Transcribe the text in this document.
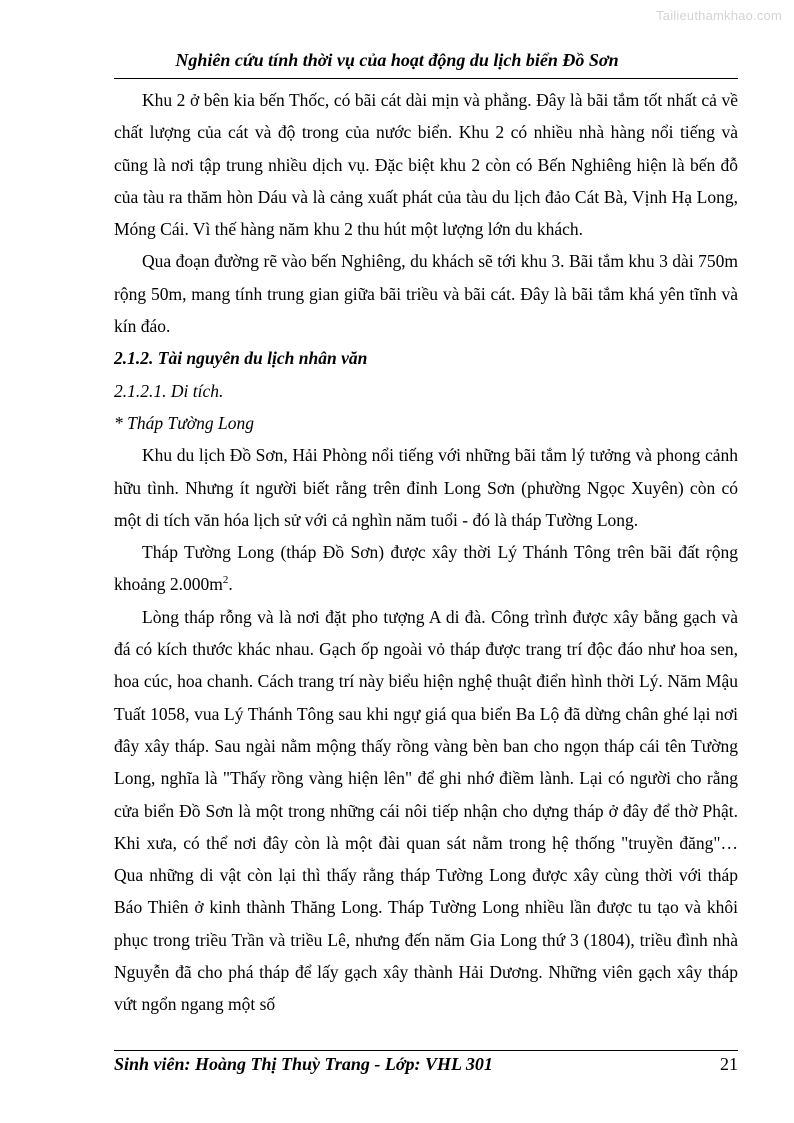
Tailieuthamkhao.com
Nghiên cứu tính thời vụ của hoạt động du lịch biển Đồ Sơn

Khu 2 ở bên kia bến Thốc, có bãi cát dài mịn và phẳng. Đây là bãi tắm tốt nhất cả về chất lượng của cát và độ trong của nước biển. Khu 2 có nhiều nhà hàng nổi tiếng và cũng là nơi tập trung nhiều dịch vụ. Đặc biệt khu 2 còn có Bến Nghiêng hiện là bến đỗ của tàu ra thăm hòn Dáu và là cảng xuất phát của tàu du lịch đảo Cát Bà, Vịnh Hạ Long, Móng Cái. Vì thế hàng năm khu 2 thu hút một lượng lớn du khách.

Qua đoạn đường rẽ vào bến Nghiêng, du khách sẽ tới khu 3. Bãi tắm khu 3 dài 750m rộng 50m, mang tính trung gian giữa bãi triều và bãi cát. Đây là bãi tắm khá yên tĩnh và kín đáo.

2.1.2. Tài nguyên du lịch nhân văn

2.1.2.1. Di tích.

* Tháp Tường Long

Khu du lịch Đồ Sơn, Hải Phòng nổi tiếng với những bãi tắm lý tưởng và phong cảnh hữu tình. Nhưng ít người biết rằng trên đỉnh Long Sơn (phường Ngọc Xuyên) còn có một di tích văn hóa lịch sử với cả nghìn năm tuổi - đó là tháp Tường Long.

Tháp Tường Long (tháp Đồ Sơn) được xây thời Lý Thánh Tông trên bãi đất rộng khoảng $2.000m^2$.

Lòng tháp rỗng và là nơi đặt pho tượng A di đà. Công trình được xây bằng gạch và đá có kích thước khác nhau. Gạch ốp ngoài vỏ tháp được trang trí độc đáo như hoa sen, hoa cúc, hoa chanh. Cách trang trí này biểu hiện nghệ thuật điển hình thời Lý. Năm Mậu Tuất 1058, vua Lý Thánh Tông sau khi ngự giá qua biển Ba Lộ đã dừng chân ghé lại nơi đây xây tháp. Sau ngài nằm mộng thấy rồng vàng bèn ban cho ngọn tháp cái tên Tường Long, nghĩa là "Thấy rồng vàng hiện lên" để ghi nhớ điềm lành. Lại có người cho rằng cửa biển Đồ Sơn là một trong những cái nôi tiếp nhận cho dựng tháp ở đây để thờ Phật. Khi xưa, có thể nơi đây còn là một đài quan sát nằm trong hệ thống "truyền đăng"… Qua những di vật còn lại thì thấy rằng tháp Tường Long được xây cùng thời với tháp Báo Thiên ở kinh thành Thăng Long. Tháp Tường Long nhiều lần được tu tạo và khôi phục trong triều Trần và triều Lê, nhưng đến năm Gia Long thứ 3 (1804), triều đình nhà Nguyễn đã cho phá tháp để lấy gạch xây thành Hải Dương. Những viên gạch xây tháp vứt ngổn ngang một số

Sinh viên: Hoàng Thị Thuỳ Trang - Lớp: VHL 301	21
